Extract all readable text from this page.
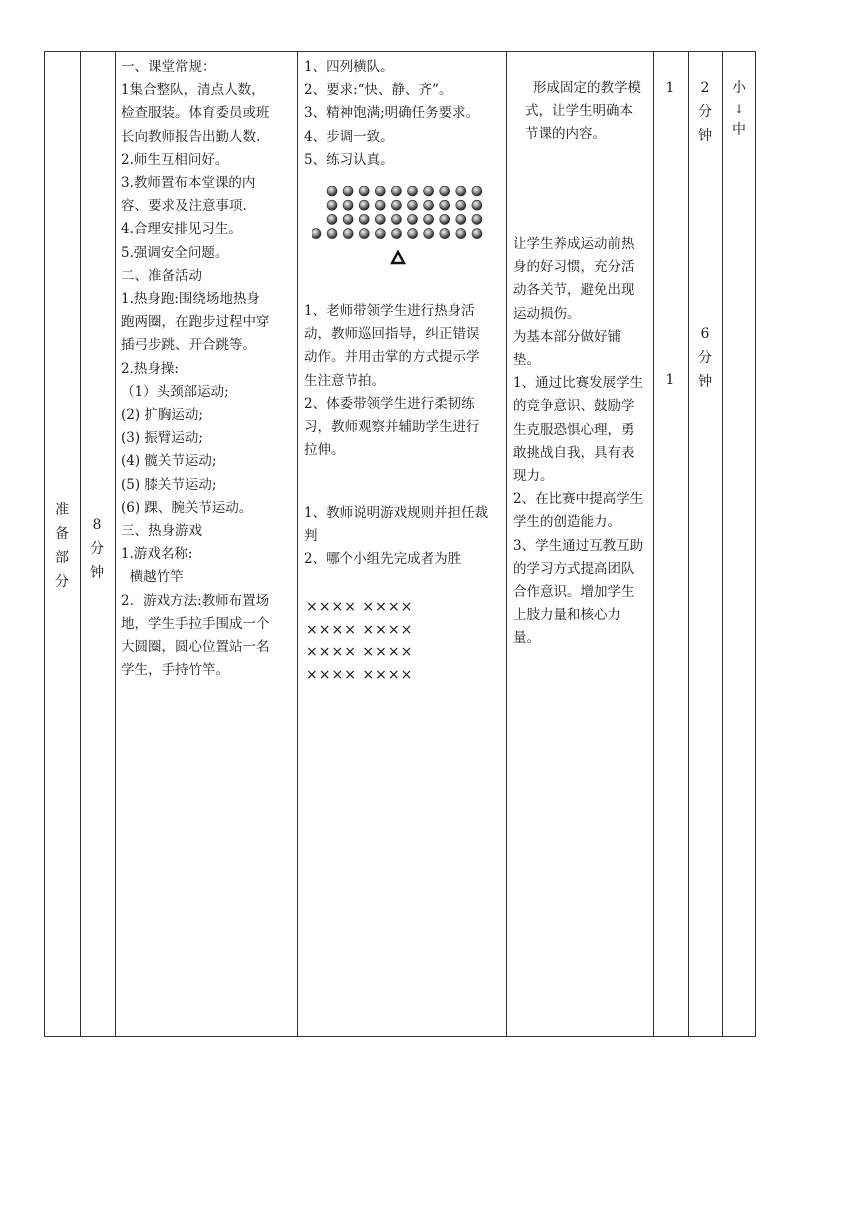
准
备
部
分
8
分
钟

一、课堂常规：

1集合整队，清点人数，

检查服装。体育委员或班

长向教师报告出勤人数.

2.师生互相问好。

3.教师置布本堂课的内

容、要求及注意事项.

4.合理安排见习生。

5.强调安全问题。

二、准备活动

1.热身跑:围绕场地热身

跑两圈，在跑步过程中穿

插弓步跳、开合跳等。

2.热身操:

（1）头颈部运动;

(2) 扩胸运动;

(3) 振臂运动;

(4) 髋关节运动;

(5) 膝关节运动;

(6) 踝、腕关节运动。

三、热身游戏

1.游戏名称:

横越竹竿

2．游戏方法:教师布置场

地，学生手拉手围成一个

大圆圈，圆心位置站一名

学生，手持竹竿。

1、四列横队。

2、要求:“快、静、齐”。

3、精神饱满;明确任务要求。

4、步调一致。

5、练习认真。

1、老师带领学生进行热身活

动，教师巡回指导，纠正错误

动作。并用击掌的方式提示学

生注意节拍。

2、体委带领学生进行柔韧练

习，教师观察并辅助学生进行

拉伸。

1、教师说明游戏规则并担任裁

判

2、哪个小组先完成者为胜

×××× ××××

×××× ××××

×××× ××××

×××× ××××

形成固定的教学模

式，让学生明确本

节课的内容。

让学生养成运动前热

身的好习惯，充分活

动各关节，避免出现

运动损伤。

为基本部分做好铺

垫。

1、通过比赛发展学生

的竞争意识、鼓励学

生克服恐惧心理，勇

敢挑战自我，具有表

现力。

2、在比赛中提高学生

学生的创造能力。

3、学生通过互教互助

的学习方式提高团队

合作意识。增加学生

上肢力量和核心力

量。

1
1
2
分
钟
6
分
钟
小
↓
中
